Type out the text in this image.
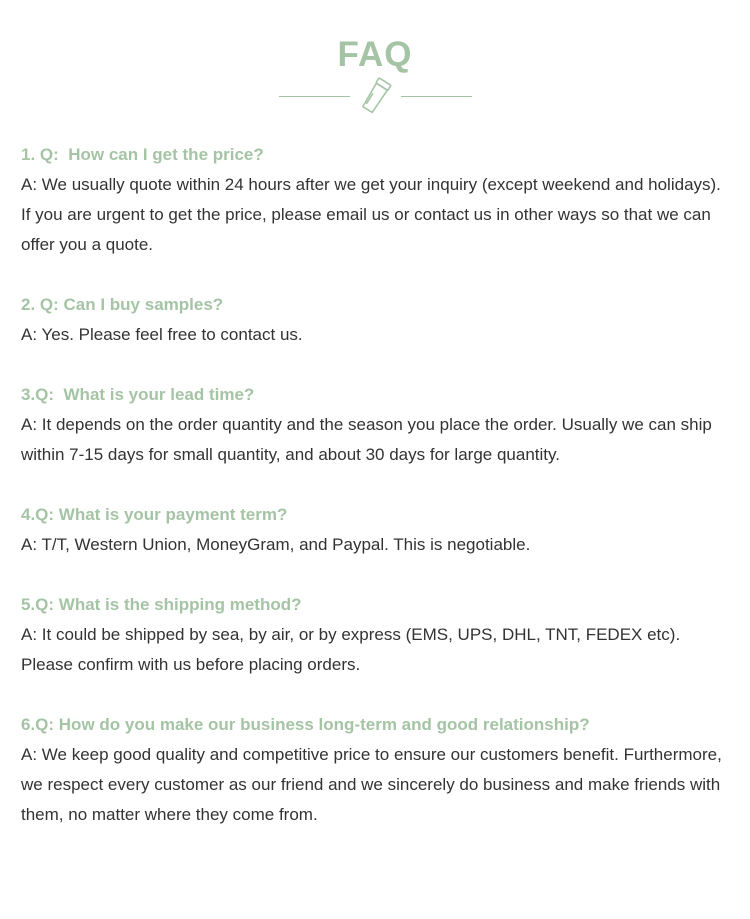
FAQ
1. Q:  How can I get the price?

A: We usually quote within 24 hours after we get your inquiry (except weekend and holidays). If you are urgent to get the price, please email us or contact us in other ways so that we can offer you a quote.

2. Q: Can I buy samples?

A: Yes. Please feel free to contact us.

3.Q:  What is your lead time?

A: It depends on the order quantity and the season you place the order. Usually we can ship within 7-15 days for small quantity, and about 30 days for large quantity.

4.Q: What is your payment term?

A: T/T, Western Union, MoneyGram, and Paypal. This is negotiable.

5.Q: What is the shipping method?

A: It could be shipped by sea, by air, or by express (EMS, UPS, DHL, TNT, FEDEX etc). Please confirm with us before placing orders.

6.Q: How do you make our business long-term and good relationship?

A: We keep good quality and competitive price to ensure our customers benefit. Furthermore, we respect every customer as our friend and we sincerely do business and make friends with them, no matter where they come from.
